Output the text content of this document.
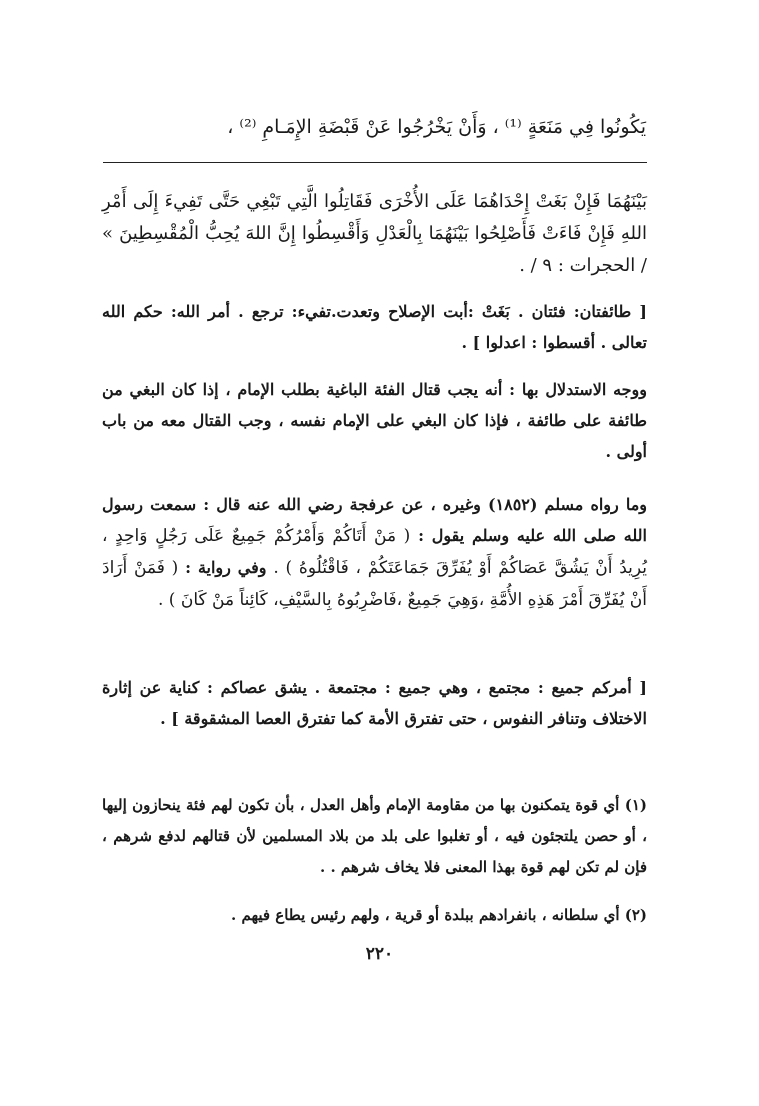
يَكُونُوا فِي مَنَعَةٍ ⁽¹⁾ ، وَأَنْ يَخْرُجُوا عَنْ قَبْضَةِ الإِمَـامِ ⁽²⁾ ،
بَيْنَهُمَا فَإِنْ بَغَتْ إِحْدَاهُمَا عَلَى الأُخْرَى فَقَاتِلُوا الَّتِي تَبْغِي حَتَّى تَفِيءَ إِلَى أَمْرِ اللهِ فَإِنْ فَاءَتْ فَأَصْلِحُوا بَيْنَهُمَا بِالْعَدْلِ وَأَقْسِطُوا إِنَّ اللهَ يُحِبُّ الْمُقْسِطِينَ » / الحجرات : ٩ / .
[ طائفتان: فئتان . بَغَتْ :أبت الإصلاح وتعدت.تفيء: ترجع . أمر الله: حكم الله تعالى . أقسطوا : اعدلوا ] .
ووجه الاستدلال بها : أنه يجب قتال الفئة الباغية بطلب الإمام ، إذا كان البغي من طائفة على طائفة ، فإذا كان البغي على الإمام نفسه ، وجب القتال معه من باب أولى .
وما رواه مسلم (١٨٥٢) وغيره ، عن عرفجة رضي الله عنه قال : سمعت رسول الله صلى الله عليه وسلم يقول : ( مَنْ أَتَاكُمْ وَأَمْرُكُمْ جَمِيعٌ عَلَى رَجُلٍ وَاحِدٍ ، يُرِيدُ أَنْ يَشُقَّ عَصَاكُمْ أَوْ يُفَرِّقَ جَمَاعَتَكُمْ ، فَاقْتُلُوهُ ) . وفي رواية : ( فَمَنْ أَرَادَ أَنْ يُفَرِّقَ أَمْرَ هَذِهِ الأُمَّةِ ،وَهِيَ جَمِيعٌ ،فَاضْرِبُوهُ بِالسَّيْفِ، كَائِناً مَنْ كَانَ ) .
[ أمركم جميع : مجتمع ، وهي جميع : مجتمعة . يشق عصاكم : كناية عن إثارة الاختلاف وتنافر النفوس ، حتى تفترق الأمة كما تفترق العصا المشقوقة ] .
(١) أي قوة يتمكنون بها من مقاومة الإمام وأهل العدل ، بأن تكون لهم فئة ينحازون إليها ، أو حصن يلتجئون فيه ، أو تغلبوا على بلد من بلاد المسلمين لأن قتالهم لدفع شرهم ، فإن لم تكن لهم قوة بهذا المعنى فلا يخاف شرهم . .
(٢) أي سلطانه ، بانفرادهم ببلدة أو قرية ، ولهم رئيس يطاع فيهم .
٢٢٠
